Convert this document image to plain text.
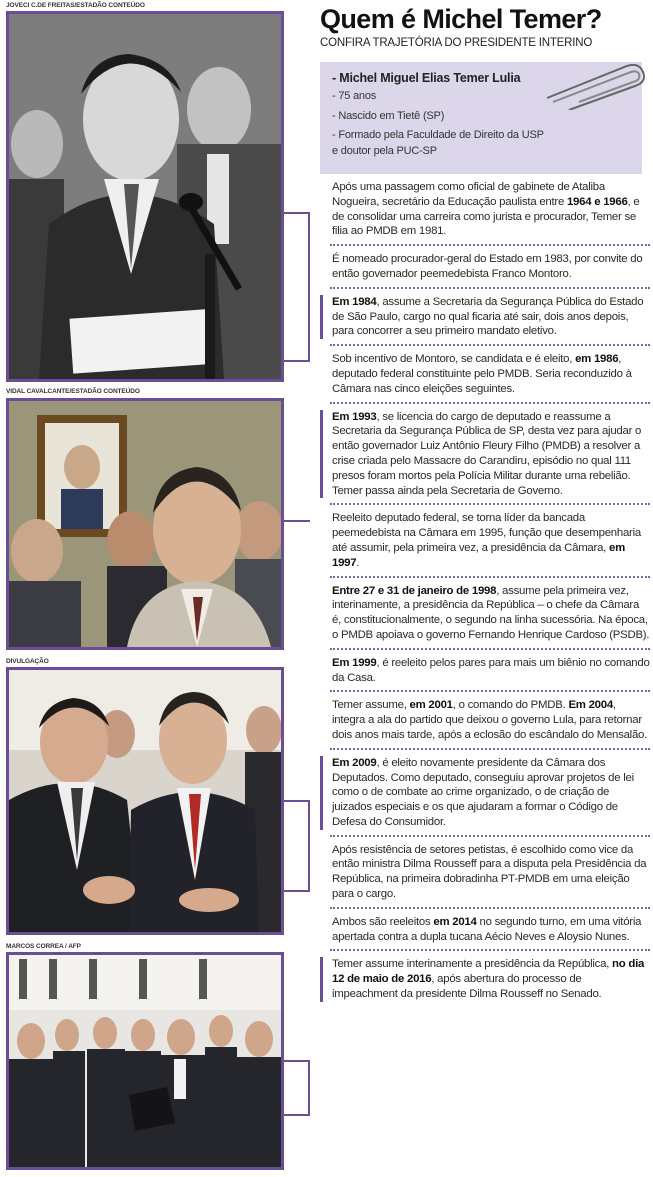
JOVECI C.DE FREITAS/ESTADÃO CONTEÚDO
VIDAL CAVALCANTE/ESTADÃO CONTEÚDO
DIVULGAÇÃO
MARCOS CORREA / AFP
Quem é Michel Temer?
CONFIRA TRAJETÓRIA DO PRESIDENTE INTERINO
- Michel Miguel Elias Temer Lulia
- 75 anos
- Nascido em Tietê (SP)
- Formado pela Faculdade de Direito da USP
e doutor pela PUC-SP
Após uma passagem como oficial de gabinete de Ataliba Nogueira, secretário da Educação paulista entre 1964 e 1966, e de consolidar uma carreira como jurista e procurador, Temer se filia ao PMDB em 1981.
É nomeado procurador-geral do Estado em 1983, por convite do então governador peemedebista Franco Montoro.
Em 1984, assume a Secretaria da Segurança Pública do Estado de São Paulo, cargo no qual ficaria até sair, dois anos depois, para concorrer a seu primeiro mandato eletivo.
Sob incentivo de Montoro, se candidata e é eleito, em 1986, deputado federal constituinte pelo PMDB. Seria reconduzido à Câmara nas cinco eleições seguintes.
Em 1993, se licencia do cargo de deputado e reassume a Secretaria da Segurança Pública de SP, desta vez para ajudar o então governador Luiz Antônio Fleury Filho (PMDB) a resolver a crise criada pelo Massacre do Carandiru, episódio no qual 111 presos foram mortos pela Polícia Militar durante uma rebelião. Temer passa ainda pela Secretaria de Governo.
Reeleito deputado federal, se torna líder da bancada peemedebista na Câmara em 1995, função que desempenharia até assumir, pela primeira vez, a presidência da Câmara, em 1997.
Entre 27 e 31 de janeiro de 1998, assume pela primeira vez, interinamente, a presidência da República – o chefe da Câmara é, constitucionalmente, o segundo na linha sucessória. Na época, o PMDB apoiava o governo Fernando Henrique Cardoso (PSDB).
Em 1999, é reeleito pelos pares para mais um biênio no comando da Casa.
Temer assume, em 2001, o comando do PMDB. Em 2004, integra a ala do partido que deixou o governo Lula, para retornar dois anos mais tarde, após a eclosão do escândalo do Mensalão.
Em 2009, é eleito novamente presidente da Câmara dos Deputados. Como deputado, conseguiu aprovar projetos de lei como o de combate ao crime organizado, o de criação de juizados especiais e os que ajudaram a formar o Código de Defesa do Consumidor.
Após resistência de setores petistas, é escolhido como vice da então ministra Dilma Rousseff para a disputa pela Presidência da República, na primeira dobradinha PT-PMDB em uma eleição para o cargo.
Ambos são reeleitos em 2014 no segundo turno, em uma vitória apertada contra a dupla tucana Aécio Neves e Aloysio Nunes.
Temer assume interinamente a presidência da República, no dia 12 de maio de 2016, após abertura do processo de impeachment da presidente Dilma Rousseff no Senado.
